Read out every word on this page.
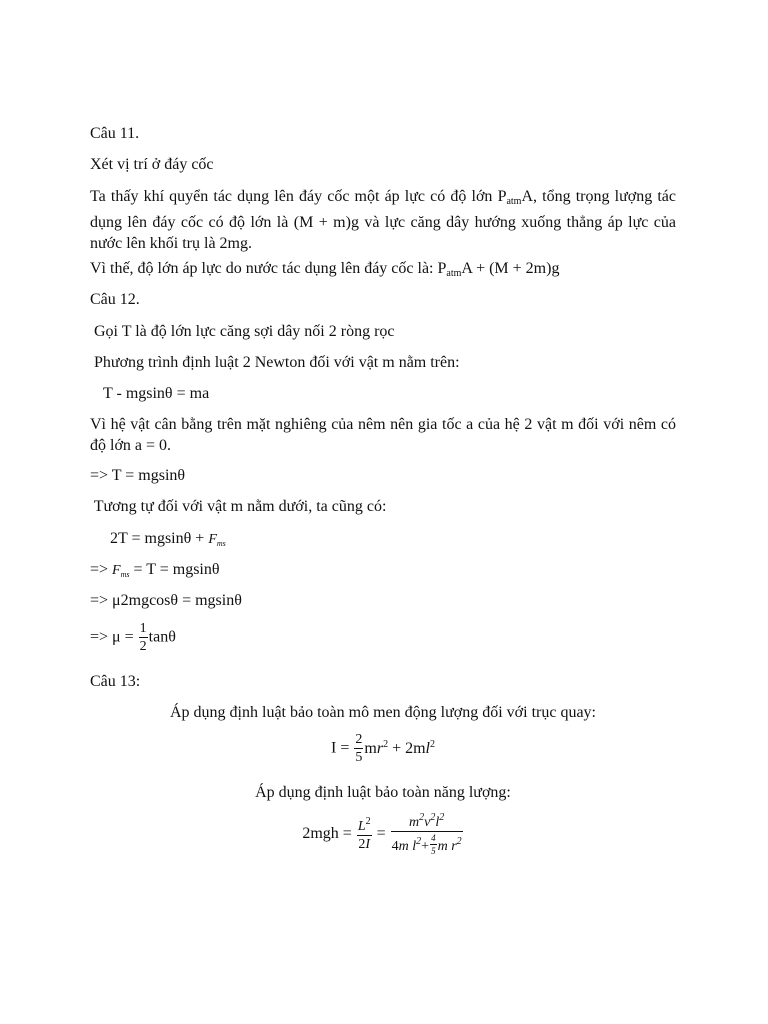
Câu 11.
Xét vị trí ở đáy cốc
Ta thấy khí quyển tác dụng lên đáy cốc một áp lực có độ lớn $P_{atm}A$, tổng trọng lượng tác dụng lên đáy cốc có độ lớn là (M + m)g và lực căng dây hướng xuống thẳng áp lực của nước lên khối trụ là 2mg.
Vì thế, độ lớn áp lực do nước tác dụng lên đáy cốc là: $P_{atm}A + (M + 2m)g$
Câu 12.
Gọi T là độ lớn lực căng sợi dây nối 2 ròng rọc
Phương trình định luật 2 Newton đối với vật m nằm trên:
T - mgsinθ = ma
Vì hệ vật cân bằng trên mặt nghiêng của nêm nên gia tốc a của hệ 2 vật m đối với nêm có độ lớn a = 0.
=> T = mgsinθ
Tương tự đối với vật m nằm dưới, ta cũng có:
$2T = mgsin\theta + F_{ms}$
=> $F_{ms} = T = mgsin\theta$
=> μ2mgcosθ = mgsinθ
=> $\mu = \frac{1}{2}$ tanθ
Câu 13:
Áp dụng định luật bảo toàn mô men động lượng đối với trục quay:
$I = \frac{2}{5} mr^2 + 2ml^2$
Áp dụng định luật bảo toàn năng lượng:
$2mgh = \frac{L^2}{2I} = \frac{m^2v^2l^2}{4m l^2+ \frac{4}{5} m r^2}$
